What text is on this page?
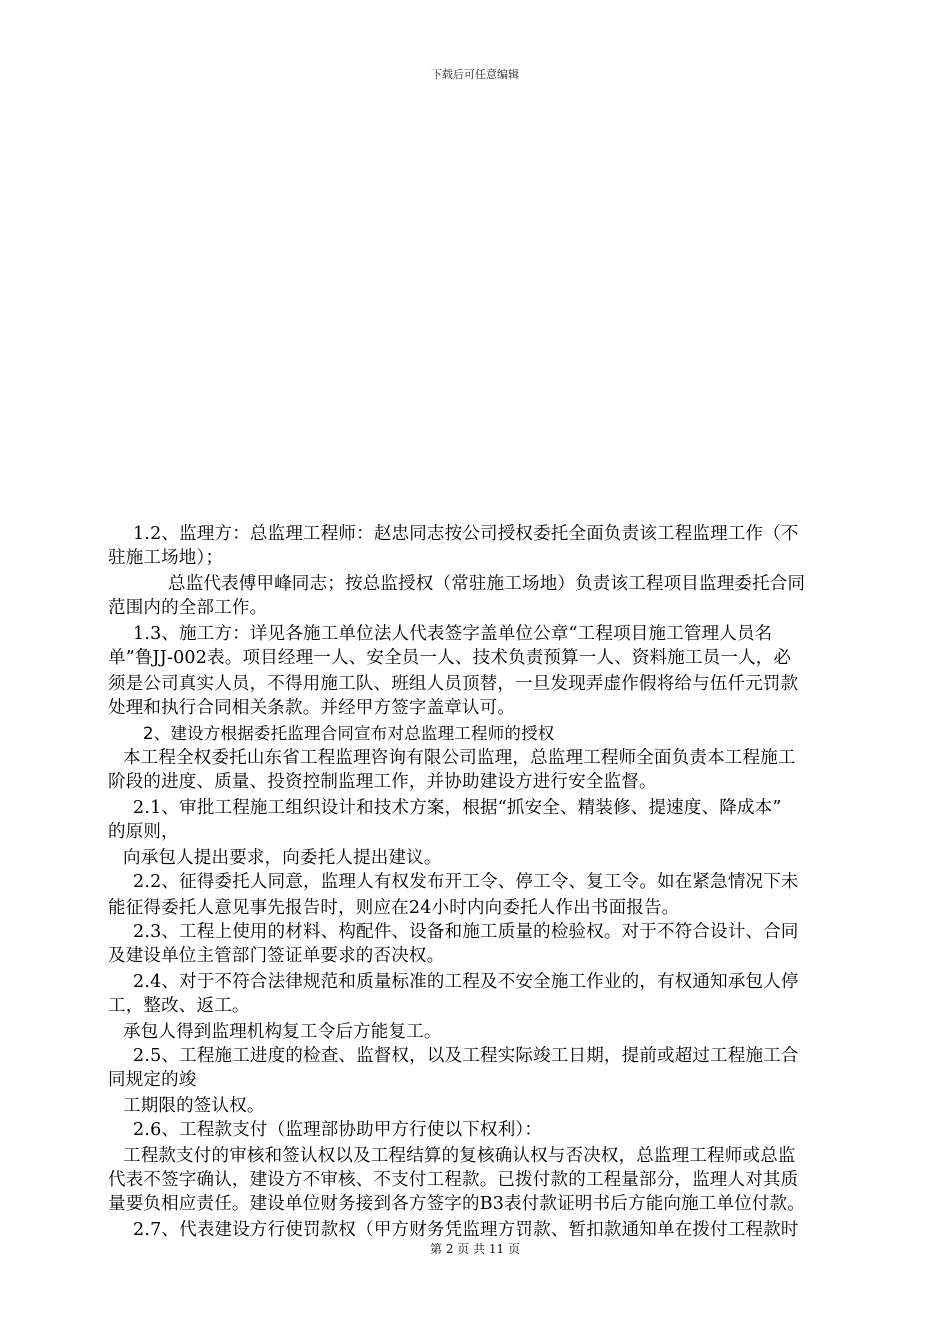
下载后可任意编辑
1.2、监理方：总监理工程师：赵忠同志按公司授权委托全面负责该工程监理工作（不
驻施工场地）；
总监代表傅甲峰同志；按总监授权（常驻施工场地）负责该工程项目监理委托合同
范围内的全部工作。
1.3、施工方：详见各施工单位法人代表签字盖单位公章“工程项目施工管理人员名
单”鲁JJ-002表。项目经理一人、安全员一人、技术负责预算一人、资料施工员一人，必
须是公司真实人员，不得用施工队、班组人员顶替，一旦发现弄虚作假将给与伍仟元罚款
处理和执行合同相关条款。并经甲方签字盖章认可。
2、建设方根据委托监理合同宣布对总监理工程师的授权
本工程全权委托山东省工程监理咨询有限公司监理，总监理工程师全面负责本工程施工
阶段的进度、质量、投资控制监理工作，并协助建设方进行安全监督。
2.1、审批工程施工组织设计和技术方案，根据“抓安全、精装修、提速度、降成本”
的原则，
向承包人提出要求，向委托人提出建议。
2.2、征得委托人同意，监理人有权发布开工令、停工令、复工令。如在紧急情况下未
能征得委托人意见事先报告时，则应在24小时内向委托人作出书面报告。
2.3、工程上使用的材料、构配件、设备和施工质量的检验权。对于不符合设计、合同
及建设单位主管部门签证单要求的否决权。
2.4、对于不符合法律规范和质量标准的工程及不安全施工作业的，有权通知承包人停
工，整改、返工。
承包人得到监理机构复工令后方能复工。
2.5、工程施工进度的检查、监督权，以及工程实际竣工日期，提前或超过工程施工合
同规定的竣
工期限的签认权。
2.6、工程款支付（监理部协助甲方行使以下权利）：
工程款支付的审核和签认权以及工程结算的复核确认权与否决权，总监理工程师或总监
代表不签字确认，建设方不审核、不支付工程款。已拨付款的工程量部分，监理人对其质
量要负相应责任。建设单位财务接到各方签字的B3表付款证明书后方能向施工单位付款。
2.7、代表建设方行使罚款权（甲方财务凭监理方罚款、暂扣款通知单在拨付工程款时
第 2 页 共 11 页
